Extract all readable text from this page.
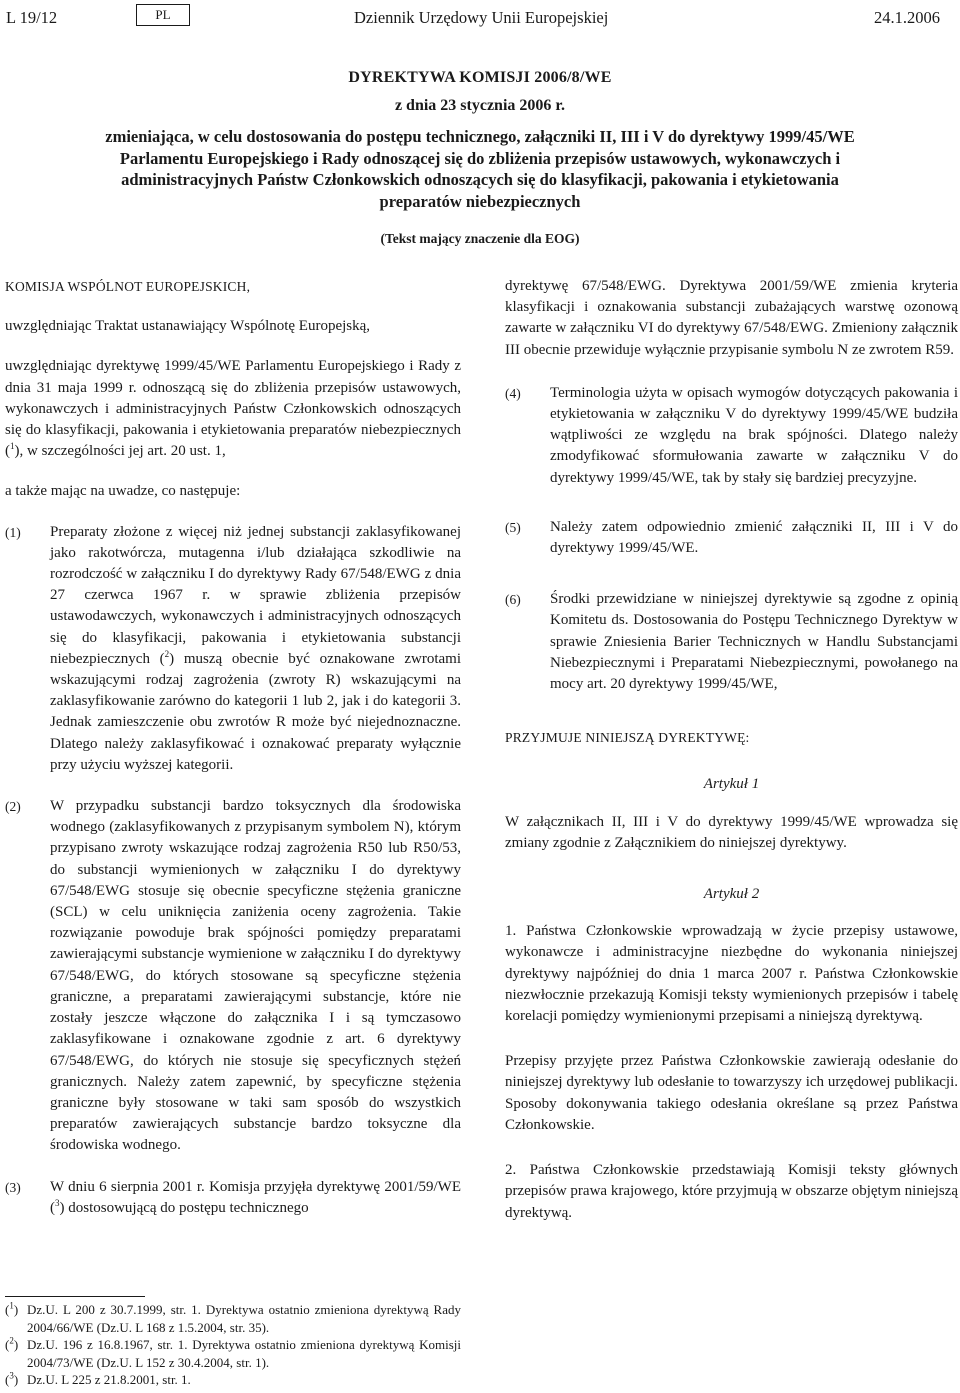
L 19/12	PL	Dziennik Urzędowy Unii Europejskiej	24.1.2006

DYREKTYWA KOMISJI 2006/8/WE

z dnia 23 stycznia 2006 r.

zmieniająca, w celu dostosowania do postępu technicznego, załączniki II, III i V do dyrektywy 1999/45/WE Parlamentu Europejskiego i Rady odnoszącej się do zbliżenia przepisów ustawowych, wykonawczych i administracyjnych Państw Członkowskich odnoszących się do klasyfikacji, pakowania i etykietowania preparatów niebezpiecznych

(Tekst mający znaczenie dla EOG)

KOMISJA WSPÓLNOT EUROPEJSKICH,

uwzględniając Traktat ustanawiający Wspólnotę Europejską,

uwzględniając dyrektywę 1999/45/WE Parlamentu Europejskiego i Rady z dnia 31 maja 1999 r. odnoszącą się do zbliżenia przepisów ustawowych, wykonawczych i administracyjnych Państw Członkowskich odnoszących się do klasyfikacji, pakowania i etykietowania preparatów niebezpiecznych ($^1$), w szczególności jej art. 20 ust. 1,

a także mając na uwadze, co następuje:

(1)	Preparaty złożone z więcej niż jednej substancji zaklasyfikowanej jako rakotwórcza, mutagenna i/lub działająca szkodliwie na rozrodczość w załączniku I do dyrektywy Rady 67/548/EWG z dnia 27 czerwca 1967 r. w sprawie zbliżenia przepisów ustawodawczych, wykonawczych i administracyjnych odnoszących się do klasyfikacji, pakowania i etykietowania substancji niebezpiecznych ($^2$) muszą obecnie być oznakowane zwrotami wskazującymi rodzaj zagrożenia (zwroty R) wskazującymi na zaklasyfikowanie zarówno do kategorii 1 lub 2, jak i do kategorii 3. Jednak zamieszczenie obu zwrotów R może być niejednoznaczne. Dlatego należy zaklasyfikować i oznakować preparaty wyłącznie przy użyciu wyższej kategorii.
(2)	W przypadku substancji bardzo toksycznych dla środowiska wodnego (zaklasyfikowanych z przypisanym symbolem N), którym przypisano zwroty wskazujące rodzaj zagrożenia R50 lub R50/53, do substancji wymienionych w załączniku I do dyrektywy 67/548/EWG stosuje się obecnie specyficzne stężenia graniczne (SCL) w celu uniknięcia zaniżenia oceny zagrożenia. Takie rozwiązanie powoduje brak spójności pomiędzy preparatami zawierającymi substancje wymienione w załączniku I do dyrektywy 67/548/EWG, do których stosowane są specyficzne stężenia graniczne, a preparatami zawierającymi substancje, które nie zostały jeszcze włączone do załącznika I i są tymczasowo zaklasyfikowane i oznakowane zgodnie z art. 6 dyrektywy 67/548/EWG, do których nie stosuje się specyficznych stężeń granicznych. Należy zatem zapewnić, by specyficzne stężenia graniczne były stosowane w taki sam sposób do wszystkich preparatów zawierających substancje bardzo toksyczne dla środowiska wodnego.
(3)	W dniu 6 sierpnia 2001 r. Komisja przyjęła dyrektywę 2001/59/WE ($^3$) dostosowującą do postępu technicznego
($^1$) Dz.U. L 200 z 30.7.1999, str. 1. Dyrektywa ostatnio zmieniona dyrektywą Rady 2004/66/WE (Dz.U. L 168 z 1.5.2004, str. 35).
($^2$) Dz.U. 196 z 16.8.1967, str. 1. Dyrektywa ostatnio zmieniona dyrektywą Komisji 2004/73/WE (Dz.U. L 152 z 30.4.2004, str. 1).
($^3$) Dz.U. L 225 z 21.8.2001, str. 1.

dyrektywę 67/548/EWG. Dyrektywa 2001/59/WE zmienia kryteria klasyfikacji i oznakowania substancji zubażających warstwę ozonową zawarte w załączniku VI do dyrektywy 67/548/EWG. Zmieniony załącznik III obecnie przewiduje wyłącznie przypisanie symbolu N ze zwrotem R59.

(4)	Terminologia użyta w opisach wymogów dotyczących pakowania i etykietowania w załączniku V do dyrektywy 1999/45/WE budziła wątpliwości ze względu na brak spójności. Dlatego należy zmodyfikować sformułowania zawarte w załączniku V do dyrektywy 1999/45/WE, tak by stały się bardziej precyzyjne.
(5)	Należy zatem odpowiednio zmienić załączniki II, III i V do dyrektywy 1999/45/WE.
(6)	Środki przewidziane w niniejszej dyrektywie są zgodne z opinią Komitetu ds. Dostosowania do Postępu Technicznego Dyrektyw w sprawie Zniesienia Barier Technicznych w Handlu Substancjami Niebezpiecznymi i Preparatami Niebezpiecznymi, powołanego na mocy art. 20 dyrektywy 1999/45/WE,

PRZYJMUJE NINIEJSZĄ DYREKTYWĘ:

Artykuł 1

W załącznikach II, III i V do dyrektywy 1999/45/WE wprowadza się zmiany zgodnie z Załącznikiem do niniejszej dyrektywy.

Artykuł 2

1. Państwa Członkowskie wprowadzają w życie przepisy ustawowe, wykonawcze i administracyjne niezbędne do wykonania niniejszej dyrektywy najpóźniej do dnia 1 marca 2007 r. Państwa Członkowskie niezwłocznie przekazują Komisji teksty wymienionych przepisów i tabelę korelacji pomiędzy wymienionymi przepisami a niniejszą dyrektywą.

Przepisy przyjęte przez Państwa Członkowskie zawierają odesłanie do niniejszej dyrektywy lub odesłanie to towarzyszy ich urzędowej publikacji. Sposoby dokonywania takiego odesłania określane są przez Państwa Członkowskie.

2. Państwa Członkowskie przedstawiają Komisji teksty głównych przepisów prawa krajowego, które przyjmują w obszarze objętym niniejszą dyrektywą.
